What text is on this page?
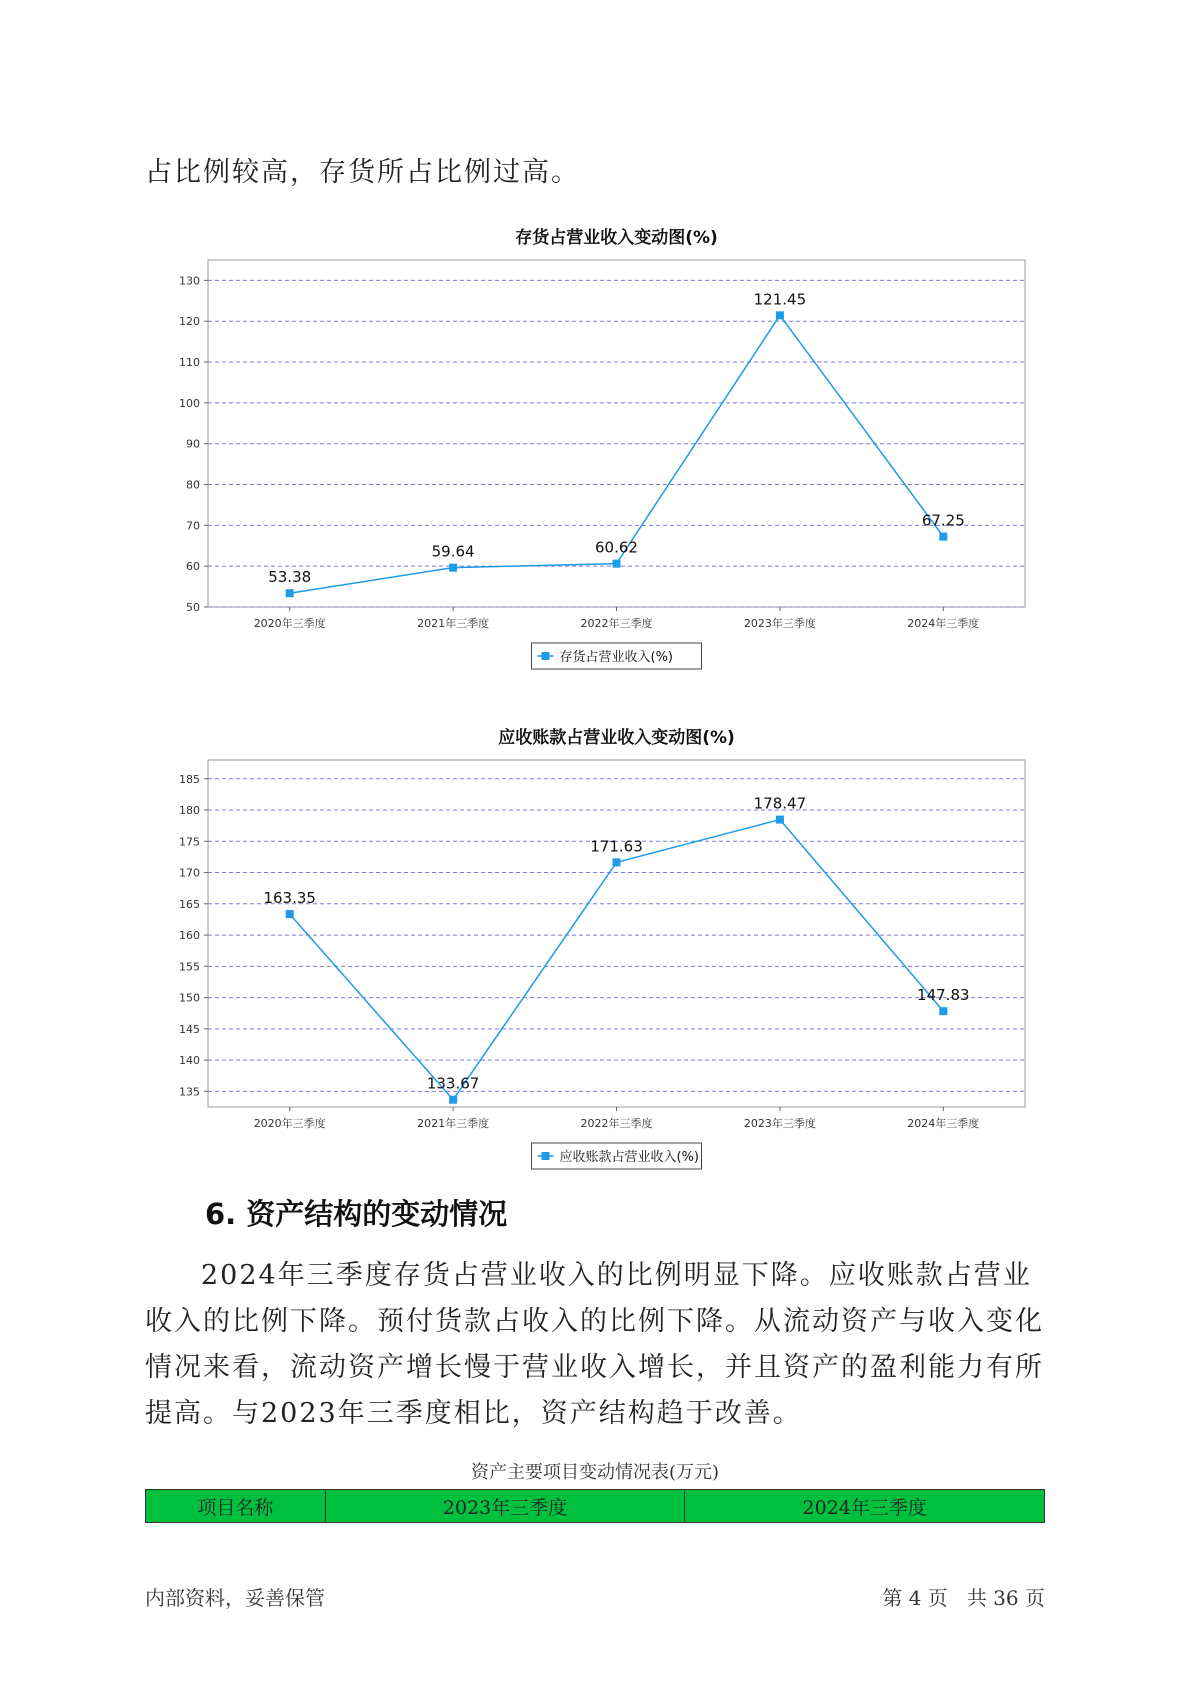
占比例较高，存货所占比例过高。

存货占营业收入变动图(%)
50
60
70
80
90
100
110
120
130
2020年三季度	2021年三季度	2022年三季度	2023年三季度	2024年三季度
53.38
59.64	60.62
121.45
67.25
存货占营业收入(%)
应收账款占营业收入变动图(%)
135
140
145
150
155
160
165
170
175
180
185
2020年三季度	2021年三季度	2022年三季度	2023年三季度	2024年三季度
163.35
133.67
171.63
178.47
147.83
应收账款占营业收入(%)
6. 资产结构的变动情况

2024年三季度存货占营业收入的比例明显下降。应收账款占营业收入的比例下降。预付货款占收入的比例下降。从流动资产与收入变化情况来看，流动资产增长慢于营业收入增长，并且资产的盈利能力有所提高。与2023年三季度相比，资产结构趋于改善。

资产主要项目变动情况表(万元)
项目名称	2023年三季度	2024年三季度
内部资料，妥善保管	第 4 页   共 36 页
